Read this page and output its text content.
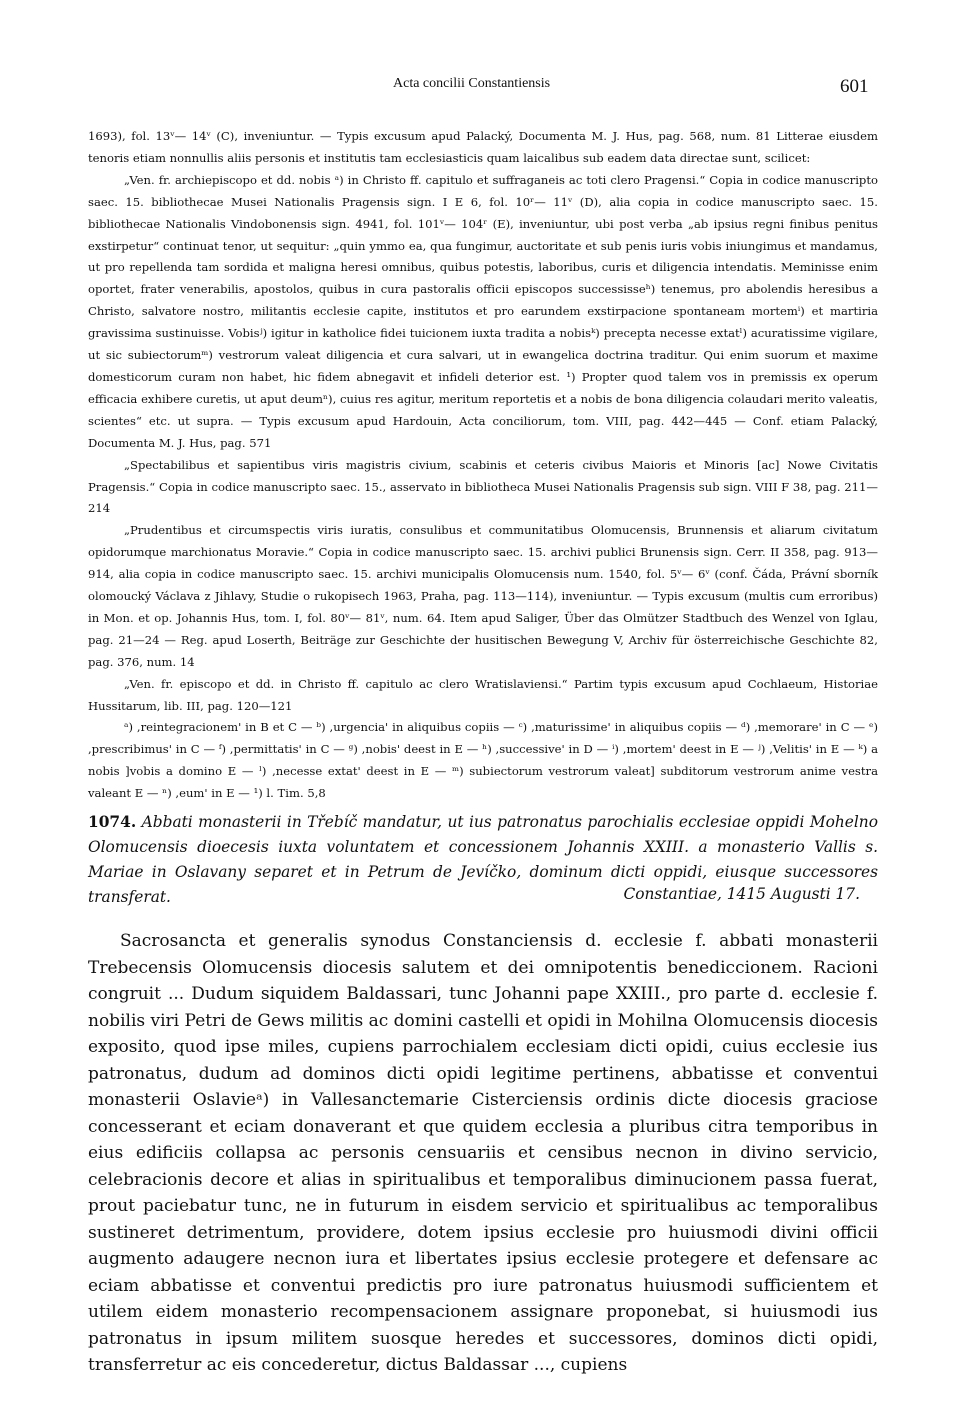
Acta concilii Constantiensis	601

1693), fol. 13ᵛ— 14ᵛ (C), inveniuntur. — Typis excusum apud Palacký, Documenta M. J. Hus, pag. 568, num. 81 Litterae eiusdem tenoris etiam nonnullis aliis personis et institutis tam ecclesiasticis quam laicalibus sub eadem data directae sunt, scilicet:

„Ven. fr. archiepiscopo et dd. nobis ᵃ) in Christo ff. capitulo et suffraganeis ac toti clero Pragensi.“ Copia in codice manuscripto saec. 15. bibliothecae Musei Nationalis Pragensis sign. I E 6, fol. 10ʳ— 11ᵛ (D), alia copia in codice manuscripto saec. 15. bibliothecae Nationalis Vindobonensis sign. 4941, fol. 101ᵛ— 104ʳ (E), inveniuntur, ubi post verba „ab ipsius regni finibus penitus exstirpetur“ continuat tenor, ut sequitur: „quin ymmo ea, qua fungimur, auctoritate et sub penis iuris vobis iniungimus et mandamus, ut pro repellenda tam sordida et maligna heresi omnibus, quibus potestis, laboribus, curis et diligencia intendatis. Meminisse enim oportet, frater venerabilis, apostolos, quibus in cura pastoralis officii episcopos successisseʰ) tenemus, pro abolendis heresibus a Christo, salvatore nostro, militantis ecclesie capite, institutos et pro earundem exstirpacione spontaneam mortemⁱ) et martiria gravissima sustinuisse. Vobisʲ) igitur in katholice fidei tuicionem iuxta tradita a nobisᵏ) precepta necesse extatˡ) acuratissime vigilare, ut sic subiectorumᵐ) vestrorum valeat diligencia et cura salvari, ut in ewangelica doctrina traditur. Qui enim suorum et maxime domesticorum curam non habet, hic fidem abnegavit et infideli deterior est. ¹) Propter quod talem vos in premissis ex operum efficacia exhibere curetis, ut aput deumⁿ), cuius res agitur, meritum reportetis et a nobis de bona diligencia colaudari merito valeatis, scientes“ etc. ut supra. — Typis excusum apud Hardouin, Acta conciliorum, tom. VIII, pag. 442—445 — Conf. etiam Palacký, Documenta M. J. Hus, pag. 571

„Spectabilibus et sapientibus viris magistris civium, scabinis et ceteris civibus Maioris et Minoris [ac] Nowe Civitatis Pragensis.“ Copia in codice manuscripto saec. 15., asservato in bibliotheca Musei Nationalis Pragensis sub sign. VIII F 38, pag. 211—214

„Prudentibus et circumspectis viris iuratis, consulibus et communitatibus Olomucensis, Brunnensis et aliarum civitatum opidorumque marchionatus Moravie.“ Copia in codice manuscripto saec. 15. archivi publici Brunensis sign. Cerr. II 358, pag. 913—914, alia copia in codice manuscripto saec. 15. archivi municipalis Olomucensis num. 1540, fol. 5ᵛ— 6ᵛ (conf. Čáda, Právní sborník olomoucký Václava z Jihlavy, Studie o rukopisech 1963, Praha, pag. 113—114), inveniuntur. — Typis excusum (multis cum erroribus) in Mon. et op. Johannis Hus, tom. I, fol. 80ᵛ— 81ᵛ, num. 64. Item apud Saliger, Über das Olmützer Stadtbuch des Wenzel von Iglau, pag. 21—24 — Reg. apud Loserth, Beiträge zur Geschichte der husitischen Bewegung V, Archiv für österreichische Geschichte 82, pag. 376, num. 14

„Ven. fr. episcopo et dd. in Christo ff. capitulo ac clero Wratislaviensi.“ Partim typis excusum apud Cochlaeum, Historiae Hussitarum, lib. III, pag. 120—121

ᵃ) ,reintegracionem' in B et C — ᵇ) ,urgencia' in aliquibus copiis — ᶜ) ,maturissime' in aliquibus copiis — ᵈ) ,memorare' in C — ᵉ) ,prescribimus' in C — ᶠ) ,permittatis' in C — ᵍ) ,nobis' deest in E — ʰ) ,successive' in D — ⁱ) ,mortem' deest in E — ʲ) ,Velitis' in E — ᵏ) a nobis ]vobis a domino E — ˡ) ,necesse extat' deest in E — ᵐ) subiectorum vestrorum valeat] subditorum vestrorum anime vestra valeant E — ⁿ) ,eum' in E — ¹) l. Tim. 5,8

1074. Abbati monasterii in Třebíč mandatur, ut ius patronatus parochialis ecclesiae oppidi Mohelno Olomucensis dioecesis iuxta voluntatem et concessionem Johannis XXIII. a monasterio Vallis s. Mariae in Oslavany separet et in Petrum de Jevíčko, dominum dicti oppidi, eiusque successores transferat.	Constantiae, 1415 Augusti 17.

Sacrosancta et generalis synodus Constanciensis d. ecclesie f. abbati monasterii Trebecensis Olomucensis diocesis salutem et dei omnipotentis benediccionem. Racioni congruit ... Dudum siquidem Baldassari, tunc Johanni pape XXIII., pro parte d. ecclesie f. nobilis viri Petri de Gews militis ac domini castelli et opidi in Mohilna Olomucensis diocesis exposito, quod ipse miles, cupiens parrochialem ecclesiam dicti opidi, cuius ecclesie ius patronatus, dudum ad dominos dicti opidi legitime pertinens, abbatisse et conventui monasterii Oslavieᵃ) in Vallesanctemarie Cisterciensis ordinis dicte diocesis graciose concesserant et eciam donaverant et que quidem ecclesia a pluribus citra temporibus in eius edificiis collapsa ac personis censuariis et censibus necnon in divino servicio, celebracionis decore et alias in spiritualibus et temporalibus diminucionem passa fuerat, prout paciebatur tunc, ne in futurum in eisdem servicio et spiritualibus ac temporalibus sustineret detrimentum, providere, dotem ipsius ecclesie pro huiusmodi divini officii augmento adaugere necnon iura et libertates ipsius ecclesie protegere et defensare ac eciam abbatisse et conventui predictis pro iure patronatus huiusmodi sufficientem et utilem eidem monasterio recompensacionem assignare proponebat, si huiusmodi ius patronatus in ipsum militem suosque heredes et successores, dominos dicti opidi, transferretur ac eis concederetur, dictus Baldassar ..., cupiens
